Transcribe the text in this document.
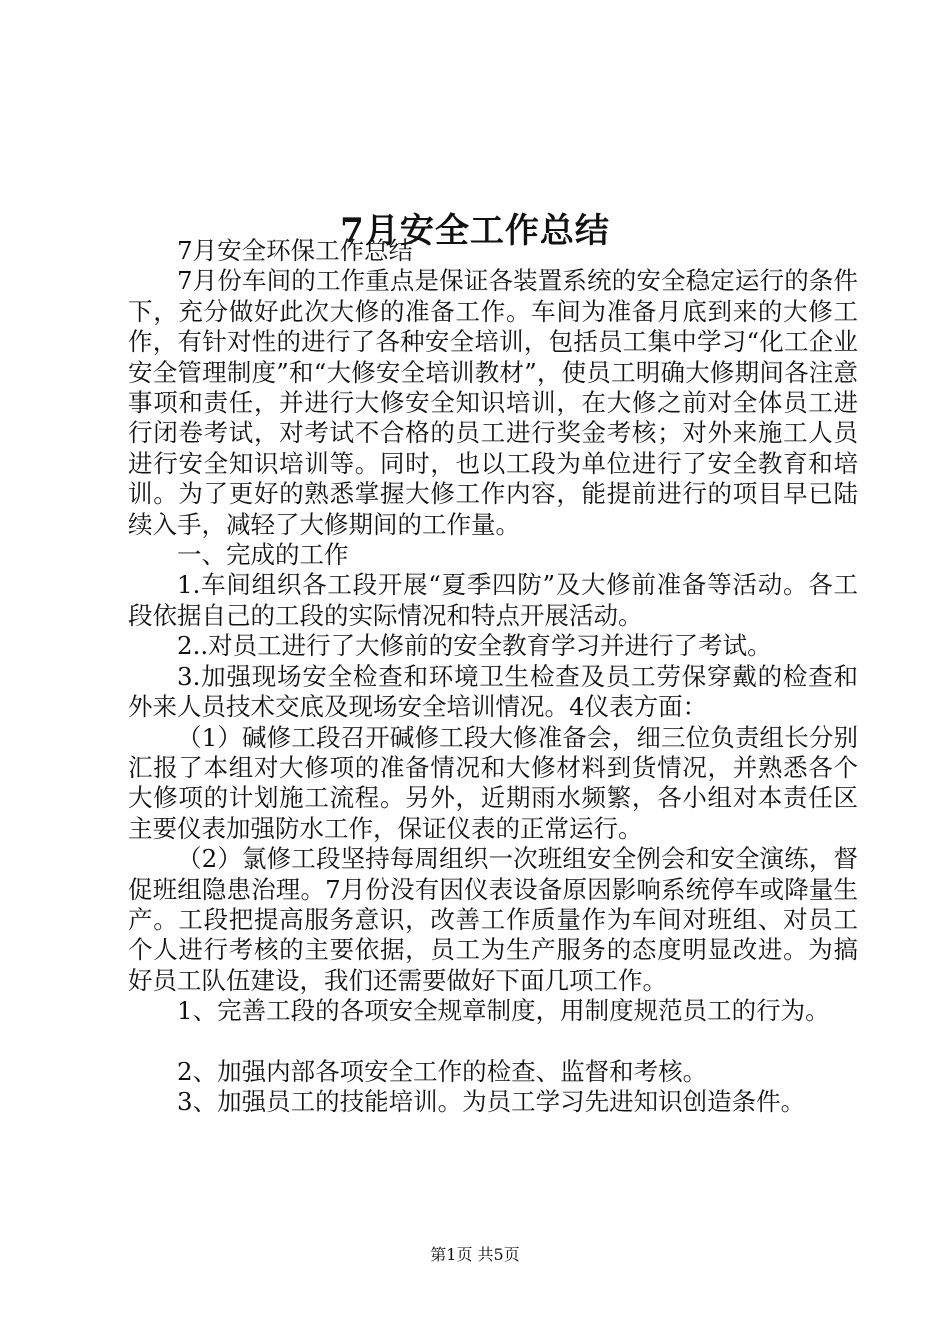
7月安全工作总结

7月安全环保工作总结

7月份车间的工作重点是保证各装置系统的安全稳定运行的条件下，充分做好此次大修的准备工作。车间为准备月底到来的大修工作，有针对性的进行了各种安全培训，包括员工集中学习“化工企业安全管理制度”和“大修安全培训教材”，使员工明确大修期间各注意事项和责任，并进行大修安全知识培训，在大修之前对全体员工进行闭卷考试，对考试不合格的员工进行奖金考核；对外来施工人员进行安全知识培训等。同时，也以工段为单位进行了安全教育和培训。为了更好的熟悉掌握大修工作内容，能提前进行的项目早已陆续入手，减轻了大修期间的工作量。

一、完成的工作

1.车间组织各工段开展“夏季四防”及大修前准备等活动。各工段依据自己的工段的实际情况和特点开展活动。

2..对员工进行了大修前的安全教育学习并进行了考试。

3.加强现场安全检查和环境卫生检查及员工劳保穿戴的检查和外来人员技术交底及现场安全培训情况。4仪表方面：

（1）碱修工段召开碱修工段大修准备会，细三位负责组长分别汇报了本组对大修项的准备情况和大修材料到货情况，并熟悉各个大修项的计划施工流程。另外，近期雨水频繁，各小组对本责任区主要仪表加强防水工作，保证仪表的正常运行。

（2）氯修工段坚持每周组织一次班组安全例会和安全演练，督促班组隐患治理。7月份没有因仪表设备原因影响系统停车或降量生产。工段把提高服务意识，改善工作质量作为车间对班组、对员工个人进行考核的主要依据，员工为生产服务的态度明显改进。为搞好员工队伍建设，我们还需要做好下面几项工作。

1、完善工段的各项安全规章制度，用制度规范员工的行为。

2、加强内部各项安全工作的检查、监督和考核。

3、加强员工的技能培训。为员工学习先进知识创造条件。

第1页 共5页
